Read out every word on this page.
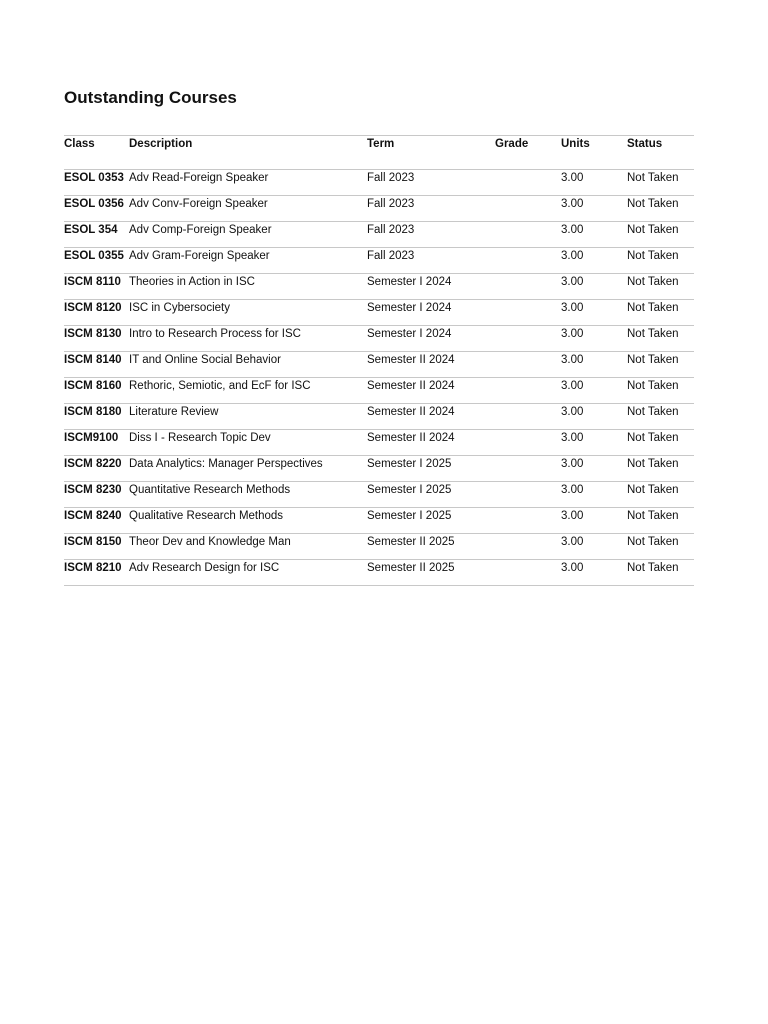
Outstanding Courses
Class	Description	Term	Grade	Units	Status
ESOL 0353	Adv Read-Foreign Speaker	Fall 2023		3.00	Not Taken
ESOL 0356	Adv Conv-Foreign Speaker	Fall 2023		3.00	Not Taken
ESOL 354	Adv Comp-Foreign Speaker	Fall 2023		3.00	Not Taken
ESOL 0355	Adv Gram-Foreign Speaker	Fall 2023		3.00	Not Taken
ISCM 8110	Theories in Action in ISC	Semester I 2024		3.00	Not Taken
ISCM 8120	ISC in Cybersociety	Semester I 2024		3.00	Not Taken
ISCM 8130	Intro to Research Process for ISC	Semester I 2024		3.00	Not Taken
ISCM 8140	IT and Online Social Behavior	Semester II 2024		3.00	Not Taken
ISCM 8160	Rethoric, Semiotic, and EcF for ISC	Semester II 2024		3.00	Not Taken
ISCM 8180	Literature Review	Semester II 2024		3.00	Not Taken
ISCM9100	Diss I - Research Topic Dev	Semester II 2024		3.00	Not Taken
ISCM 8220	Data Analytics: Manager Perspectives	Semester I 2025		3.00	Not Taken
ISCM 8230	Quantitative Research Methods	Semester I 2025		3.00	Not Taken
ISCM 8240	Qualitative Research Methods	Semester I 2025		3.00	Not Taken
ISCM 8150	Theor Dev and Knowledge Man	Semester II 2025		3.00	Not Taken
ISCM 8210	Adv Research Design for ISC	Semester II 2025		3.00	Not Taken
